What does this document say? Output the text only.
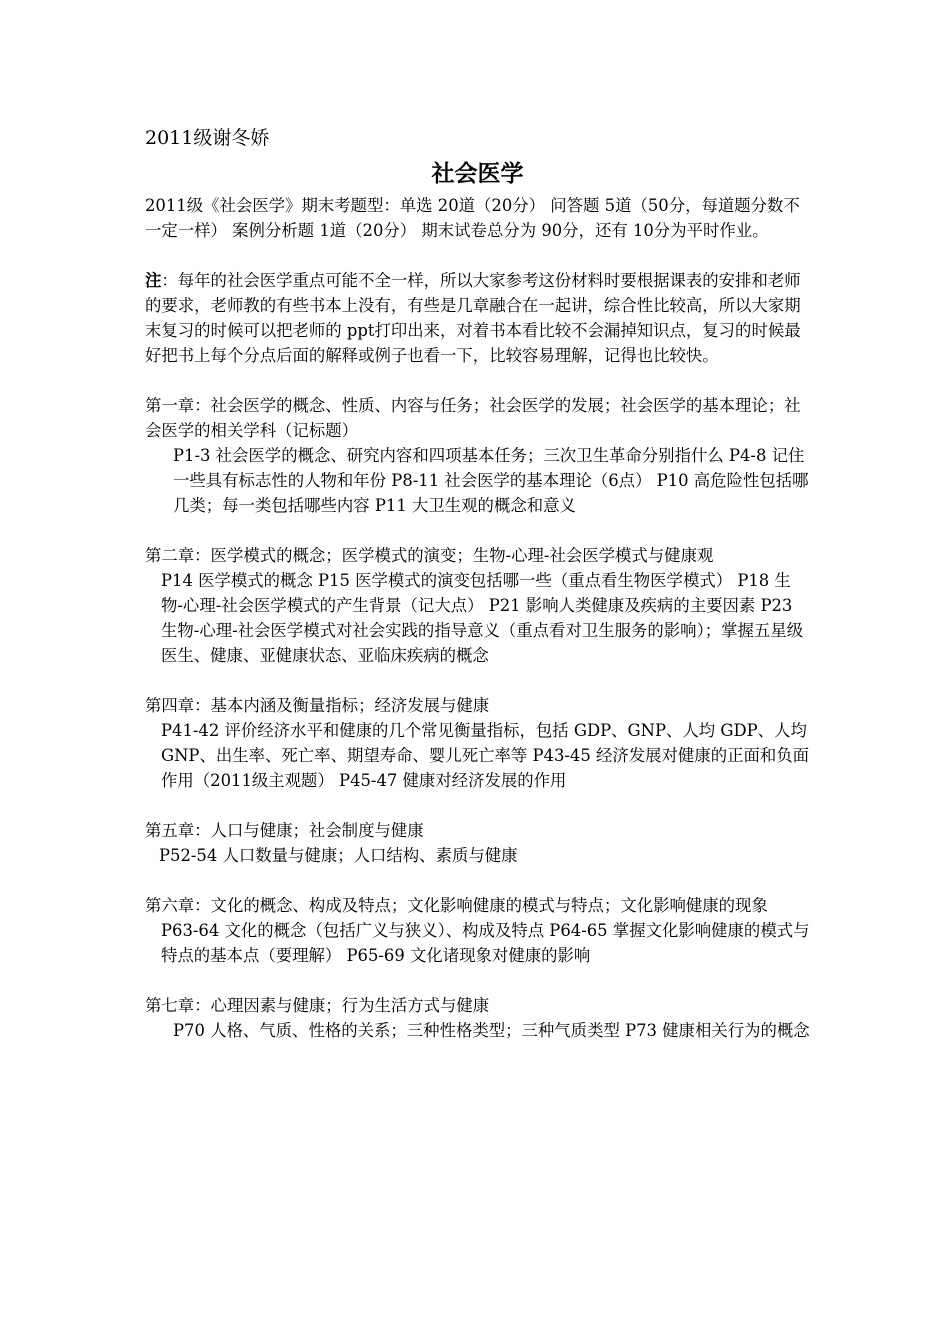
2011级谢冬娇

社会医学

2011级《社会医学》期末考题型：单选 20道（20分） 问答题 5道（50分，每道题分数不一定一样） 案例分析题 1道（20分） 期末试卷总分为 90分，还有 10分为平时作业。

注：每年的社会医学重点可能不全一样，所以大家参考这份材料时要根据课表的安排和老师的要求，老师教的有些书本上没有，有些是几章融合在一起讲，综合性比较高，所以大家期末复习的时候可以把老师的 ppt打印出来，对着书本看比较不会漏掉知识点，复习的时候最好把书上每个分点后面的解释或例子也看一下，比较容易理解，记得也比较快。

第一章：社会医学的概念、性质、内容与任务；社会医学的发展；社会医学的基本理论；社会医学的相关学科（记标题）

P1-3 社会医学的概念、研究内容和四项基本任务；三次卫生革命分别指什么 P4-8 记住一些具有标志性的人物和年份 P8-11 社会医学的基本理论（6点） P10 高危险性包括哪几类；每一类包括哪些内容 P11 大卫生观的概念和意义

第二章：医学模式的概念；医学模式的演变；生物-心理-社会医学模式与健康观

P14 医学模式的概念 P15 医学模式的演变包括哪一些（重点看生物医学模式） P18 生物-心理-社会医学模式的产生背景（记大点） P21 影响人类健康及疾病的主要因素 P23 生物-心理-社会医学模式对社会实践的指导意义（重点看对卫生服务的影响）；掌握五星级医生、健康、亚健康状态、亚临床疾病的概念

第四章：基本内涵及衡量指标；经济发展与健康

P41-42 评价经济水平和健康的几个常见衡量指标，包括 GDP、GNP、人均 GDP、人均 GNP、出生率、死亡率、期望寿命、婴儿死亡率等 P43-45 经济发展对健康的正面和负面作用（2011级主观题） P45-47 健康对经济发展的作用

第五章：人口与健康；社会制度与健康

P52-54 人口数量与健康；人口结构、素质与健康

第六章：文化的概念、构成及特点；文化影响健康的模式与特点；文化影响健康的现象

P63-64 文化的概念（包括广义与狭义）、构成及特点 P64-65 掌握文化影响健康的模式与特点的基本点（要理解） P65-69 文化诸现象对健康的影响

第七章：心理因素与健康；行为生活方式与健康

P70 人格、气质、性格的关系；三种性格类型；三种气质类型 P73 健康相关行为的概念
